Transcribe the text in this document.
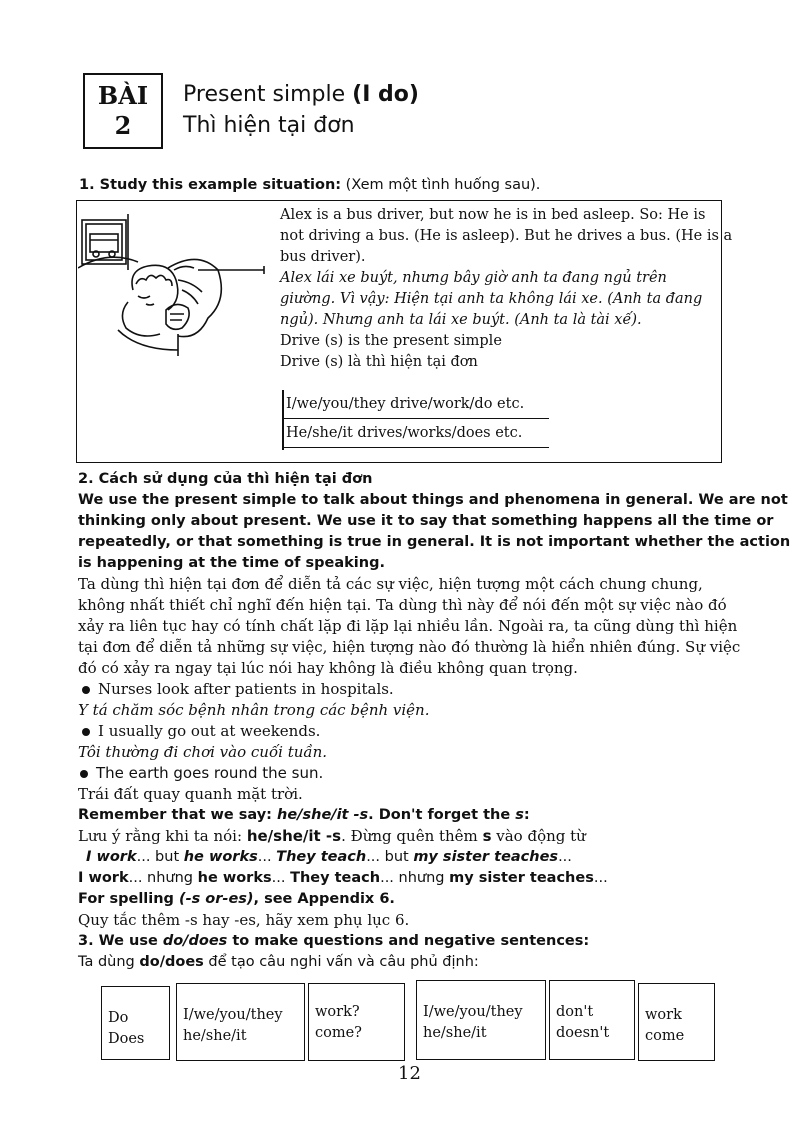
BÀI
2
Present simple (I do)
Thì hiện tại đơn
1. Study this example situation: (Xem một tình huống sau).
Alex is a bus driver, but now he is in bed asleep. So: He is
not driving a bus. (He is asleep). But he drives a bus. (He is a
bus driver).
Alex lái xe buýt, nhưng bây giờ anh ta đang ngủ trên
giường. Vì vậy: Hiện tại anh ta không lái xe. (Anh ta đang
ngủ). Nhưng anh ta lái xe buýt. (Anh ta là tài xế).
Drive (s) is the present simple
Drive (s) là thì hiện tại đơn
I/we/you/they drive/work/do etc.
He/she/it drives/works/does etc.
2. Cách sử dụng của thì hiện tại đơn
We use the present simple to talk about things and phenomena in general. We are not
thinking only about present. We use it to say that something happens all the time or
repeatedly, or that something is true in general. It is not important whether the action
is happening at the time of speaking.
Ta dùng thì hiện tại đơn để diễn tả các sự việc, hiện tượng một cách chung chung,
không nhất thiết chỉ nghĩ đến hiện tại. Ta dùng thì này để nói đến một sự việc nào đó
xảy ra liên tục hay có tính chất lặp đi lặp lại nhiều lần. Ngoài ra, ta cũng dùng thì hiện
tại đơn để diễn tả những sự việc, hiện tượng nào đó thường là hiển nhiên đúng. Sự việc
đó có xảy ra ngay tại lúc nói hay không là điều không quan trọng.
Nurses look after patients in hospitals.
Y tá chăm sóc bệnh nhân trong các bệnh viện.
I usually go out at weekends.
Tôi thường đi chơi vào cuối tuần.
The earth goes round the sun.
Trái đất quay quanh mặt trời.
Remember that we say: he/she/it -s. Don't forget the s:
Lưu ý rằng khi ta nói: he/she/it -s. Đừng quên thêm s vào động từ
I work... but he works... They teach... but my sister teaches...
I work... nhưng he works... They teach... nhưng my sister teaches...
For spelling (-s or-es), see Appendix 6.
Quy tắc thêm -s hay -es, hãy xem phụ lục 6.
3. We use do/does to make questions and negative sentences:
Ta dùng do/does để tạo câu nghi vấn và câu phủ định:
Do
Does
I/we/you/they
he/she/it
work?
come?
I/we/you/they
he/she/it
don't
doesn't
work
come
12
